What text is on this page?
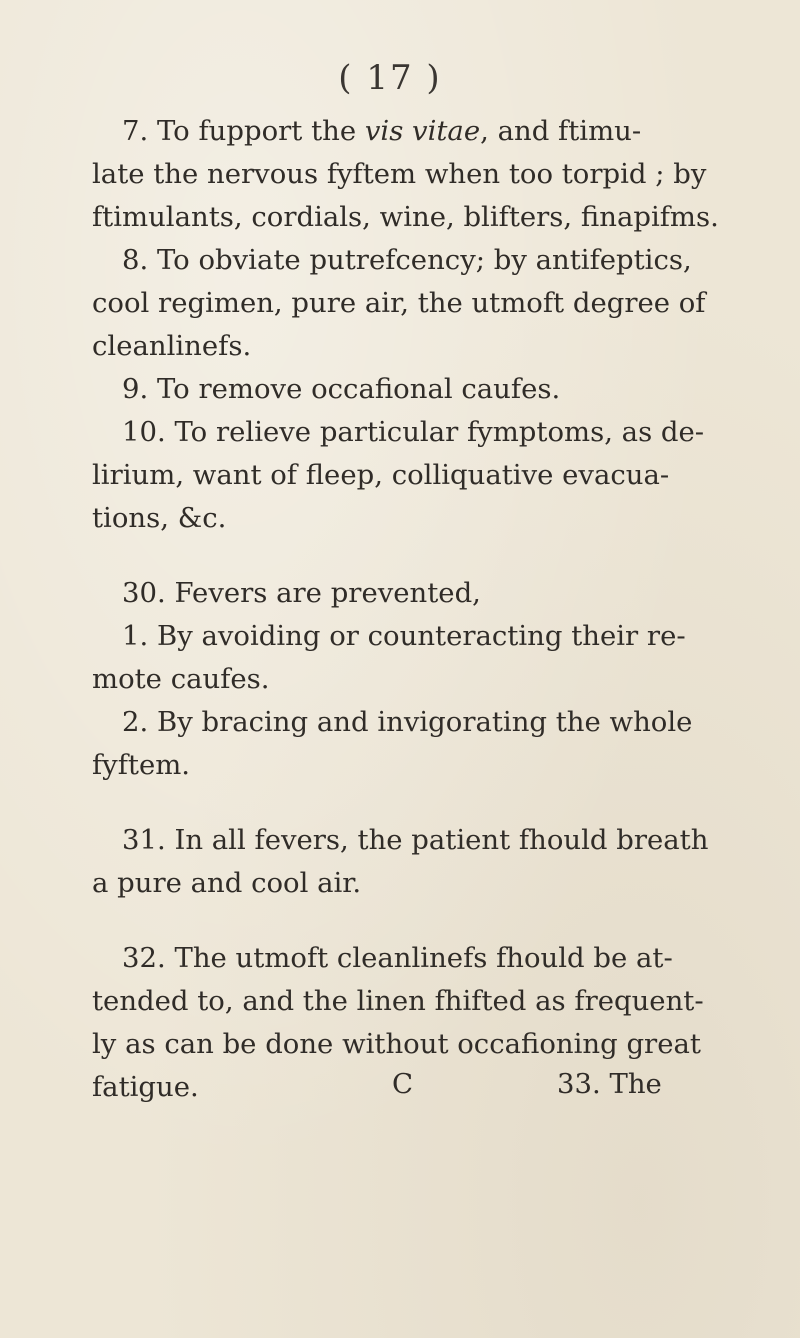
( 17 )

7. To fupport the vis vitae, and ftimu-
late the nervous fyftem when too torpid ; by
ftimulants, cordials, wine, blifters, finapifms.

8. To obviate putrefcency; by antifeptics,
cool regimen, pure air, the utmoft degree of
cleanlinefs.

9. To remove occafional caufes.

10. To relieve particular fymptoms, as de-
lirium, want of fleep, colliquative evacua-
tions, &c.

30. Fevers are prevented,

1. By avoiding or counteracting their re-
mote caufes.

2. By bracing and invigorating the whole
fyftem.

31. In all fevers, the patient fhould breath
a pure and cool air.

32. The utmoft cleanlinefs fhould be at-
tended to, and the linen fhifted as frequent-
ly as can be done without occafioning great
fatigue.	C	33. The
